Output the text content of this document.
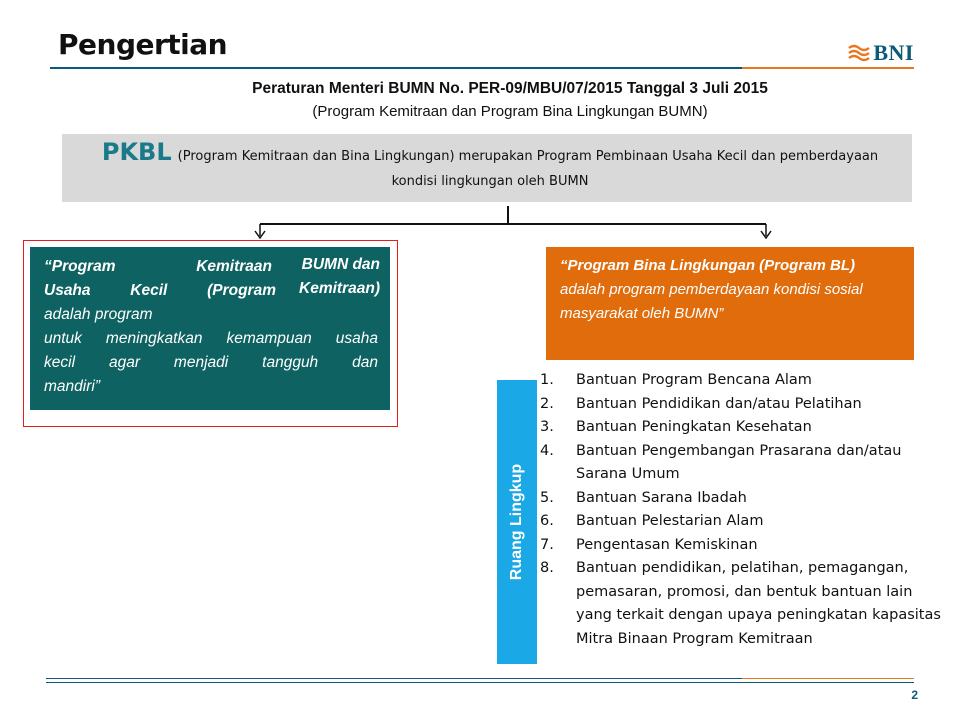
Pengertian	BNI
Peraturan Menteri BUMN No. PER-09/MBU/07/2015 Tanggal 3 Juli 2015
(Program Kemitraan dan Program Bina Lingkungan BUMN)
PKBL (Program Kemitraan dan Bina Lingkungan) merupakan Program Pembinaan Usaha Kecil dan pemberdayaan kondisi lingkungan oleh BUMN
“Program Kemitraan
Usaha Kecil (Program
adalah program
untuk meningkatkan kemampuan usaha
kecil agar menjadi tangguh dan
mandiri”
BUMN dan
Kemitraan)
“Program Bina Lingkungan (Program BL) adalah program pemberdayaan kondisi sosial masyarakat oleh BUMN”
Ruang Lingkup
1.	Bantuan Program Bencana Alam
2.	Bantuan Pendidikan dan/atau Pelatihan
3.	Bantuan Peningkatan Kesehatan
4.	Bantuan Pengembangan Prasarana dan/atau Sarana Umum
5.	Bantuan Sarana Ibadah
6.	Bantuan Pelestarian Alam
7.	Pengentasan Kemiskinan
8.	Bantuan pendidikan, pelatihan, pemagangan, pemasaran, promosi, dan bentuk bantuan lain yang terkait dengan upaya peningkatan kapasitas Mitra Binaan Program Kemitraan
2
